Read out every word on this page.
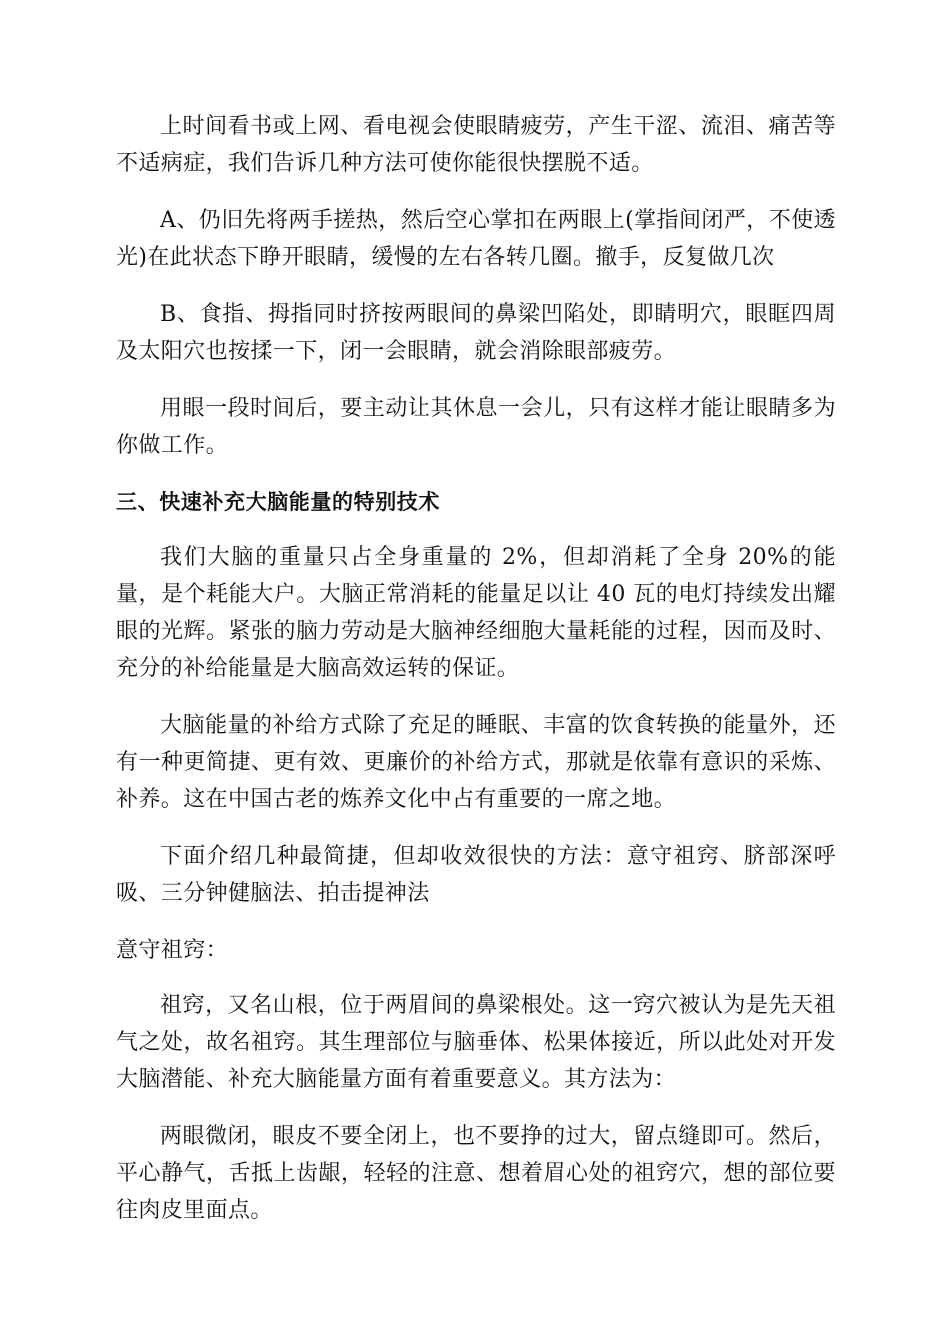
上时间看书或上网、看电视会使眼睛疲劳，产生干涩、流泪、痛苦等不适病症，我们告诉几种方法可使你能很快摆脱不适。

A、仍旧先将两手搓热，然后空心掌扣在两眼上(掌指间闭严，不使透光)在此状态下睁开眼睛，缓慢的左右各转几圈。撤手，反复做几次

B、食指、拇指同时挤按两眼间的鼻梁凹陷处，即睛明穴，眼眶四周及太阳穴也按揉一下，闭一会眼睛，就会消除眼部疲劳。

用眼一段时间后，要主动让其休息一会儿，只有这样才能让眼睛多为你做工作。

三、快速补充大脑能量的特别技术

我们大脑的重量只占全身重量的 2%，但却消耗了全身 20%的能量，是个耗能大户。大脑正常消耗的能量足以让 40 瓦的电灯持续发出耀眼的光辉。紧张的脑力劳动是大脑神经细胞大量耗能的过程，因而及时、充分的补给能量是大脑高效运转的保证。

大脑能量的补给方式除了充足的睡眠、丰富的饮食转换的能量外，还有一种更简捷、更有效、更廉价的补给方式，那就是依靠有意识的采炼、补养。这在中国古老的炼养文化中占有重要的一席之地。

下面介绍几种最简捷，但却收效很快的方法：意守祖窍、脐部深呼吸、三分钟健脑法、拍击提神法

意守祖窍：

祖窍，又名山根，位于两眉间的鼻梁根处。这一窍穴被认为是先天祖气之处，故名祖窍。其生理部位与脑垂体、松果体接近，所以此处对开发大脑潜能、补充大脑能量方面有着重要意义。其方法为：

两眼微闭，眼皮不要全闭上，也不要挣的过大，留点缝即可。然后，平心静气，舌抵上齿龈，轻轻的注意、想着眉心处的祖窍穴，想的部位要往肉皮里面点。
